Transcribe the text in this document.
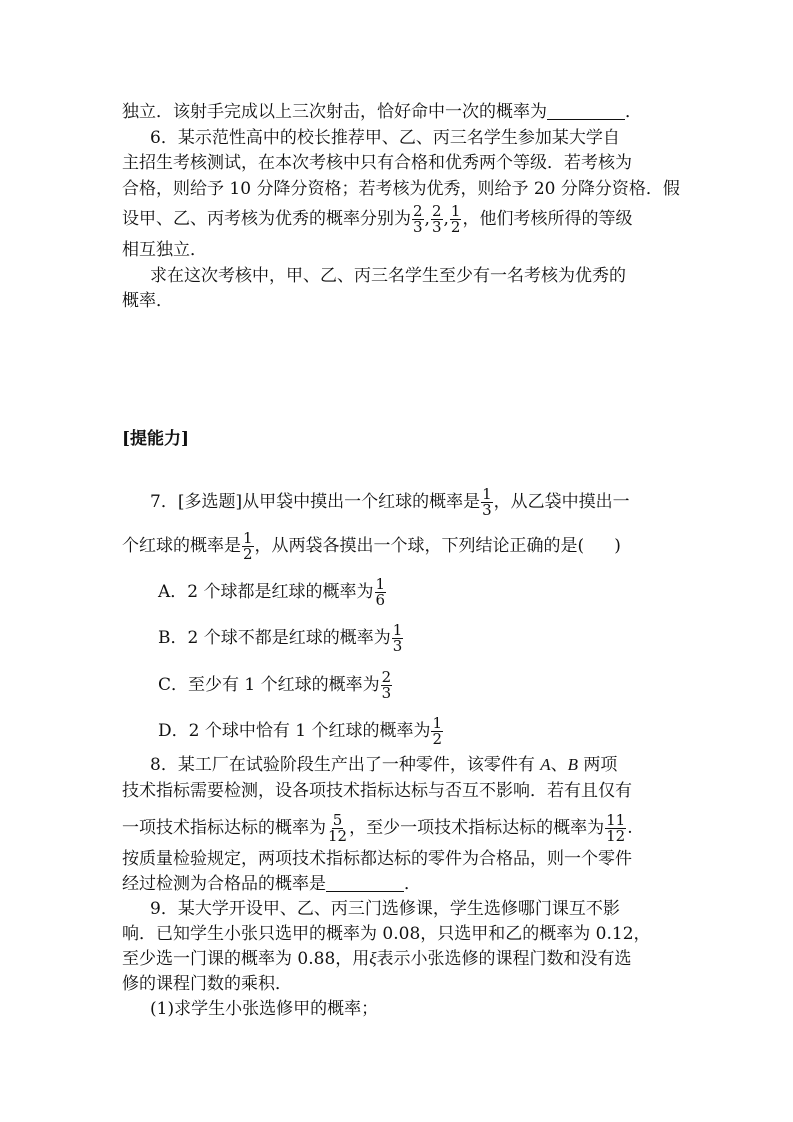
独立．该射手完成以上三次射击，恰好命中一次的概率为	．
6．某示范性高中的校长推荐甲、乙、丙三名学生参加某大学自
主招生考核测试，在本次考核中只有合格和优秀两个等级．若考核为
合格，则给予 10 分降分资格；若考核为优秀，则给予 20 分降分资格．假
设甲、乙、丙考核为优秀的概率分别为 $\frac{2}{3}$ , $\frac{2}{3}$ , $\frac{1}{2}$ ，他们考核所得的等级
相互独立．
求在这次考核中，甲、乙、丙三名学生至少有一名考核为优秀的
概率．
[提能力]
7．[多选题]从甲袋中摸出一个红球的概率是 $\frac{1}{3}$ ，从乙袋中摸出一
个红球的概率是 $\frac{1}{2}$ ，从两袋各摸出一个球，下列结论正确的是( )
A．2 个球都是红球的概率为 $\frac{1}{6}$
B．2 个球不都是红球的概率为 $\frac{1}{3}$
C．至少有 1 个红球的概率为 $\frac{2}{3}$
D．2 个球中恰有 1 个红球的概率为 $\frac{1}{2}$
8．某工厂在试验阶段生产出了一种零件，该零件有 A、B 两项
技术指标需要检测，设各项技术指标达标与否互不影响．若有且仅有
一项技术指标达标的概率为 $\frac{5}{12}$ ，至少一项技术指标达标的概率为 $\frac{11}{12}$ .
按质量检验规定，两项技术指标都达标的零件为合格品，则一个零件
经过检测为合格品的概率是	．
9．某大学开设甲、乙、丙三门选修课，学生选修哪门课互不影
响．已知学生小张只选甲的概率为 0.08，只选甲和乙的概率为 0.12，
至少选一门课的概率为 0.88，用ξ表示小张选修的课程门数和没有选
修的课程门数的乘积．
(1)求学生小张选修甲的概率；
